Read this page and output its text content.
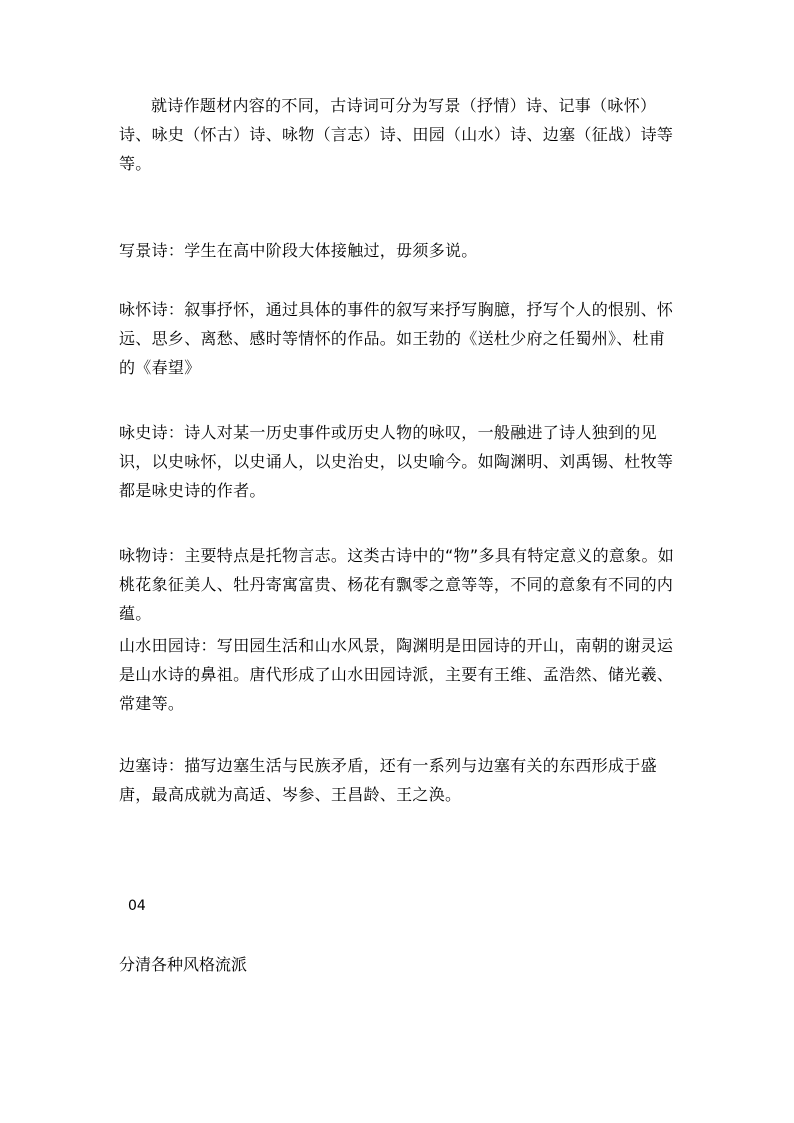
就诗作题材内容的不同，古诗词可分为写景（抒情）诗、记事（咏怀）诗、咏史（怀古）诗、咏物（言志）诗、田园（山水）诗、边塞（征战）诗等等。

写景诗：学生在高中阶段大体接触过，毋须多说。

咏怀诗：叙事抒怀，通过具体的事件的叙写来抒写胸臆，抒写个人的恨别、怀远、思乡、离愁、感时等情怀的作品。如王勃的《送杜少府之任蜀州》、杜甫的《春望》

咏史诗：诗人对某一历史事件或历史人物的咏叹，一般融进了诗人独到的见识，以史咏怀，以史诵人，以史治史，以史喻今。如陶渊明、刘禹锡、杜牧等都是咏史诗的作者。

咏物诗：主要特点是托物言志。这类古诗中的“物”多具有特定意义的意象。如桃花象征美人、牡丹寄寓富贵、杨花有飘零之意等等，不同的意象有不同的内蕴。

山水田园诗：写田园生活和山水风景，陶渊明是田园诗的开山，南朝的谢灵运是山水诗的鼻祖。唐代形成了山水田园诗派，主要有王维、孟浩然、储光羲、常建等。

边塞诗：描写边塞生活与民族矛盾，还有一系列与边塞有关的东西形成于盛唐，最高成就为高适、岑参、王昌龄、王之涣。

04
分清各种风格流派
